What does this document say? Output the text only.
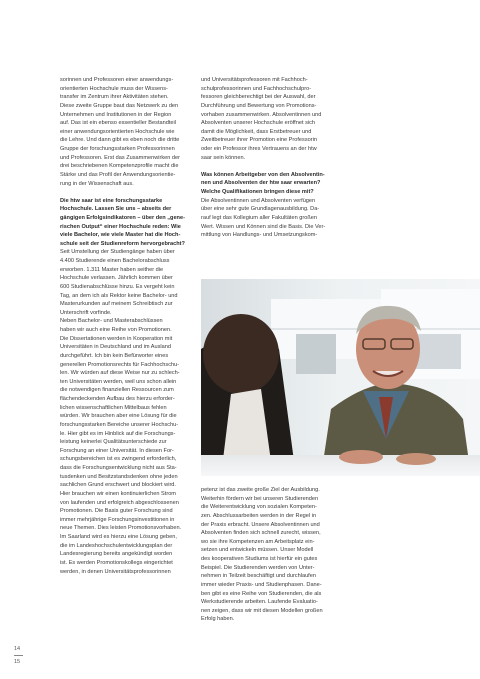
sorinnen und Professoren einer anwendungs-
orientierten Hochschule muss der Wissens-
transfer im Zentrum ihrer Aktivitäten stehen.
Diese zweite Gruppe baut das Netzwerk zu den
Unternehmen und Institutionen in der Region
auf. Das ist ein ebenso essentieller Bestandteil
einer anwendungsorientierten Hochschule wie
die Lehre. Und dann gibt es eben noch die dritte
Gruppe der forschungsstarken Professorinnen
und Professoren. Erst das Zusammenwirken der
drei beschriebenen Kompetenzprofile macht die
Stärke und das Profil der Anwendungsorientie-
rung in der Wissenschaft aus.
Die htw saar ist eine forschungsstarke
Hochschule. Lassen Sie uns – abseits der
gängigen Erfolgsindikatoren – über den „gene-
rischen Output“ einer Hochschule reden: Wie
viele Bachelor, wie viele Master hat die Hoch-
schule seit der Studienreform hervorgebracht?
Seit Umstellung der Studiengänge haben über
4.400 Studierende einen Bachelorabschluss
erworben. 1.311 Master haben seither die
Hochschule verlassen. Jährlich kommen über
600 Studienabschlüsse hinzu. Es vergeht kein
Tag, an dem ich als Rektor keine Bachelor- und
Masterurkunden auf meinem Schreibtisch zur
Unterschrift vorfinde.
Neben Bachelor- und Masterabschlüssen
haben wir auch eine Reihe von Promotionen.
Die Dissertationen werden in Kooperation mit
Universitäten in Deutschland und im Ausland
durchgeführt. Ich bin kein Befürworter eines
generellen Promotionsrechts für Fachhochschu-
len. Wir würden auf diese Weise nur zu schlech-
ten Universitäten werden, weil uns schon allein
die notwendigen finanziellen Ressourcen zum
flächendeckenden Aufbau des hierzu erforder-
lichen wissenschaftlichen Mittelbaus fehlen
würden. Wir brauchen aber eine Lösung für die
forschungsstarken Bereiche unserer Hochschu-
le. Hier gibt es im Hinblick auf die Forschungs-
leistung keinerlei Qualitätsunterschiede zur
Forschung an einer Universität. In diesen For-
schungsbereichen ist es zwingend erforderlich,
dass die Forschungsentwicklung nicht aus Sta-
tusdenken und Besitzstandsdenken ohne jeden
sachlichen Grund erschwert und blockiert wird.
Hier brauchen wir einen kontinuierlichen Strom
von laufenden und erfolgreich abgeschlossenen
Promotionen. Die Basis guter Forschung sind
immer mehrjährige Forschungsinvestitionen in
neue Themen. Dies leisten Promotionsvorhaben.
Im Saarland wird es hierzu eine Lösung geben,
die im Landeshochschulentwicklungsplan der
Landesregierung bereits angekündigt worden
ist. Es werden Promotionskollegs eingerichtet
werden, in denen Universitätsprofessorinnen
und Universitätsprofessoren mit Fachhoch-
schulprofessorinnen und Fachhochschulpro-
fessoren gleichberechtigt bei der Auswahl, der
Durchführung und Bewertung von Promotions-
vorhaben zusammenwirken. Absolventinnen und
Absolventen unserer Hochschule eröffnet sich
damit die Möglichkeit, dass Erstbetreuer und
Zweitbetreuer ihrer Promotion eine Professorin
oder ein Professor ihres Vertrauens an der htw
saar sein können.
Was können Arbeitgeber von den Absolventin-
nen und Absolventen der htw saar erwarten?
Welche Qualifikationen bringen diese mit?
Die Absolventinnen und Absolventen verfügen
über eine sehr gute Grundlagenausbildung. Da-
rauf legt das Kollegium aller Fakultäten großen
Wert. Wissen und Können sind die Basis. Die Ver-
mittlung von Handlungs- und Umsetzungskom-
petenz ist das zweite große Ziel der Ausbildung.
Weiterhin fördern wir bei unseren Studierenden
die Weiterentwicklung von sozialen Kompeten-
zen. Abschlussarbeiten werden in der Regel in
der Praxis erbracht. Unsere Absolventinnen und
Absolventen finden sich schnell zurecht, wissen,
wo sie ihre Kompetenzen am Arbeitsplatz ein-
setzen und entwickeln müssen. Unser Modell
des kooperativen Studiums ist hierfür ein gutes
Beispiel. Die Studierenden werden von Unter-
nehmen in Teilzeit beschäftigt und durchlaufen
immer wieder Praxis- und Studienphasen. Dane-
ben gibt es eine Reihe von Studierenden, die als
Werkstudierende arbeiten. Laufende Evaluatio-
nen zeigen, dass wir mit diesen Modellen großen
Erfolg haben.
14
15
